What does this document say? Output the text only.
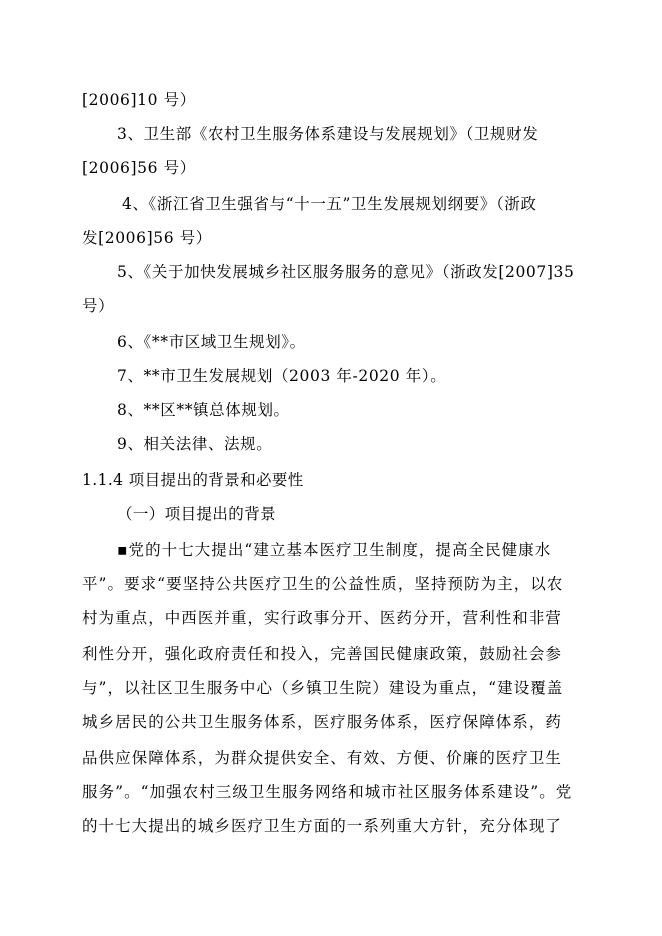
[2006]10 号）
3、卫生部《农村卫生服务体系建设与发展规划》（卫规财发
[2006]56 号）
4、《浙江省卫生强省与“十一五”卫生发展规划纲要》（浙政
发[2006]56 号）
5、《关于加快发展城乡社区服务服务的意见》（浙政发[2007]35
号）
6、《**市区域卫生规划》。
7、**市卫生发展规划（2003 年-2020 年）。
8、**区**镇总体规划。
9、相关法律、法规。
1.1.4 项目提出的背景和必要性
（一）项目提出的背景
▪党的十七大提出“建立基本医疗卫生制度，提高全民健康水
平”。要求“要坚持公共医疗卫生的公益性质，坚持预防为主，以农
村为重点，中西医并重，实行政事分开、医药分开，营利性和非营
利性分开，强化政府责任和投入，完善国民健康政策，鼓励社会参
与”，以社区卫生服务中心（乡镇卫生院）建设为重点，“建设覆盖
城乡居民的公共卫生服务体系，医疗服务体系，医疗保障体系，药
品供应保障体系，为群众提供安全、有效、方便、价廉的医疗卫生
服务”。“加强农村三级卫生服务网络和城市社区服务体系建设”。党
的十七大提出的城乡医疗卫生方面的一系列重大方针，充分体现了
